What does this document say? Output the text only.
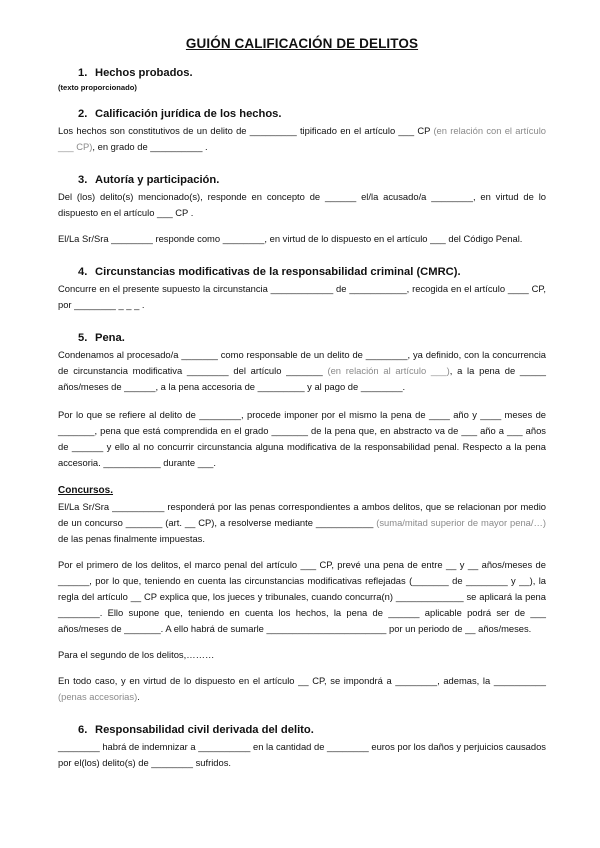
GUIÓN CALIFICACIÓN DE DELITOS
1. Hechos probados.

(texto proporcionado)

2. Calificación jurídica de los hechos.

Los hechos son constitutivos de un delito de _________ tipificado en el artículo ___ CP (en relación con el artículo ___ CP), en grado de __________ .

3. Autoría y participación.

Del (los) delito(s) mencionado(s), responde en concepto de ______ el/la acusado/a ________, en virtud de lo dispuesto en el artículo ___ CP .

El/La Sr/Sra ________ responde como ________, en virtud de lo dispuesto en el artículo ___ del Código Penal.

4. Circunstancias modificativas de la responsabilidad criminal (CMRC).

Concurre en el presente supuesto la circunstancia ____________ de ___________, recogida en el artículo ____ CP, por ________ _ _ _ .

5. Pena.

Condenamos al procesado/a _______ como responsable de un delito de ________, ya definido, con la concurrencia de circunstancia modificativa ________ del artículo _______ (en relación al artículo ___), a la pena de _____ años/meses de ______, a la pena accesoria de _________ y al pago de ________.

Por lo que se refiere al delito de ________, procede imponer por el mismo la pena de ____ año y ____ meses de _______, pena que está comprendida en el grado _______ de la pena que, en abstracto va de ___ año a ___ años de ______ y ello al no concurrir circunstancia alguna modificativa de la responsabilidad penal. Respecto a la pena accesoria. ___________ durante ___.

Concursos.

El/La Sr/Sra __________ responderá por las penas correspondientes a ambos delitos, que se relacionan por medio de un concurso _______ (art. __ CP), a resolverse mediante ___________ (suma/mitad superior de mayor pena/…) de las penas finalmente impuestas.

Por el primero de los delitos, el marco penal del artículo ___ CP, prevé una pena de entre __ y __ años/meses de ______, por lo que, teniendo en cuenta las circunstancias modificativas reflejadas (_______ de ________ y __), la regla del artículo __ CP explica que, los jueces y tribunales, cuando concurra(n) _____________ se aplicará la pena ________. Ello supone que, teniendo en cuenta los hechos, la pena de ______ aplicable podrá ser de ___ años/meses de _______. A ello habrá de sumarle _______________________ por un periodo de __ años/meses.

Para el segundo de los delitos,………

En todo caso, y en virtud de lo dispuesto en el artículo __ CP, se impondrá a ________, ademas, la __________ (penas accesorias).

6. Responsabilidad civil derivada del delito.

________ habrá de indemnizar a __________ en la cantidad de ________ euros por los daños y perjuicios causados por el(los) delito(s) de ________ sufridos.
